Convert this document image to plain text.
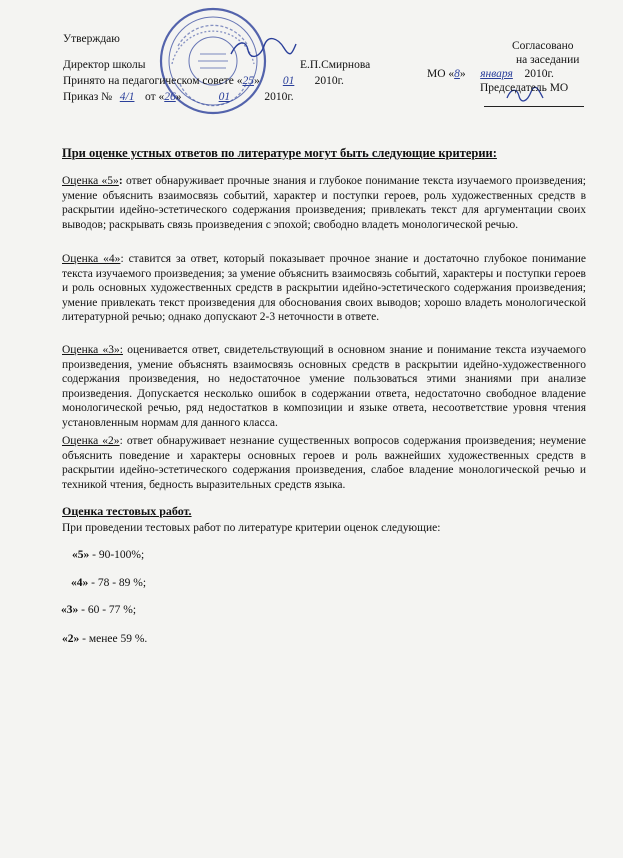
Утверждаю
Директор школы	Е.П.Смирнова
Принято на педагогическом совете «25» 01 2010г.
Приказ № 4/1 от «26»	01	2010г.
Согласовано
на заседании
МО «8» января 2010г.
Председатель МО
При оценке устных ответов по литературе могут быть следующие критерии:
Оценка «5»: ответ обнаруживает прочные знания и глубокое понимание текста изучаемого произведения; умение объяснить взаимосвязь событий, характер и поступки героев, роль художественных средств в раскрытии идейно-эстетического содержания произведения; привлекать текст для аргументации своих выводов; раскрывать связь произведения с эпохой; свободно владеть монологической речью.
Оценка «4»: ставится за ответ, который показывает прочное знание и достаточно глубокое понимание текста изучаемого произведения; за умение объяснить взаимосвязь событий, характеры и поступки героев и роль основных художественных средств в раскрытии идейно-эстетического содержания произведения; умение привлекать текст произведения для обоснования своих выводов; хорошо владеть монологической литературной речью; однако допускают 2-3 неточности в ответе.
Оценка «3»: оценивается ответ, свидетельствующий в основном знание и понимание текста изучаемого произведения, умение объяснять взаимосвязь основных средств в раскрытии идейно-художественного содержания произведения, но недостаточное умение пользоваться этими знаниями при анализе произведения. Допускается несколько ошибок в содержании ответа, недостаточно свободное владение монологической речью, ряд недостатков в композиции и языке ответа, несоответствие уровня чтения установленным нормам для данного класса.
Оценка «2»: ответ обнаруживает незнание существенных вопросов содержания произведения; неумение объяснить поведение и характеры основных героев и роль важнейших художественных средств в раскрытии идейно-эстетического содержания произведения, слабое владение монологической речью и техникой чтения, бедность выразительных средств языка.
Оценка тестовых работ.
При проведении тестовых работ по литературе критерии оценок следующие:
«5» - 90-100%;
«4» - 78 - 89 %;
«3» - 60 - 77 %;
«2» - менее 59 %.
